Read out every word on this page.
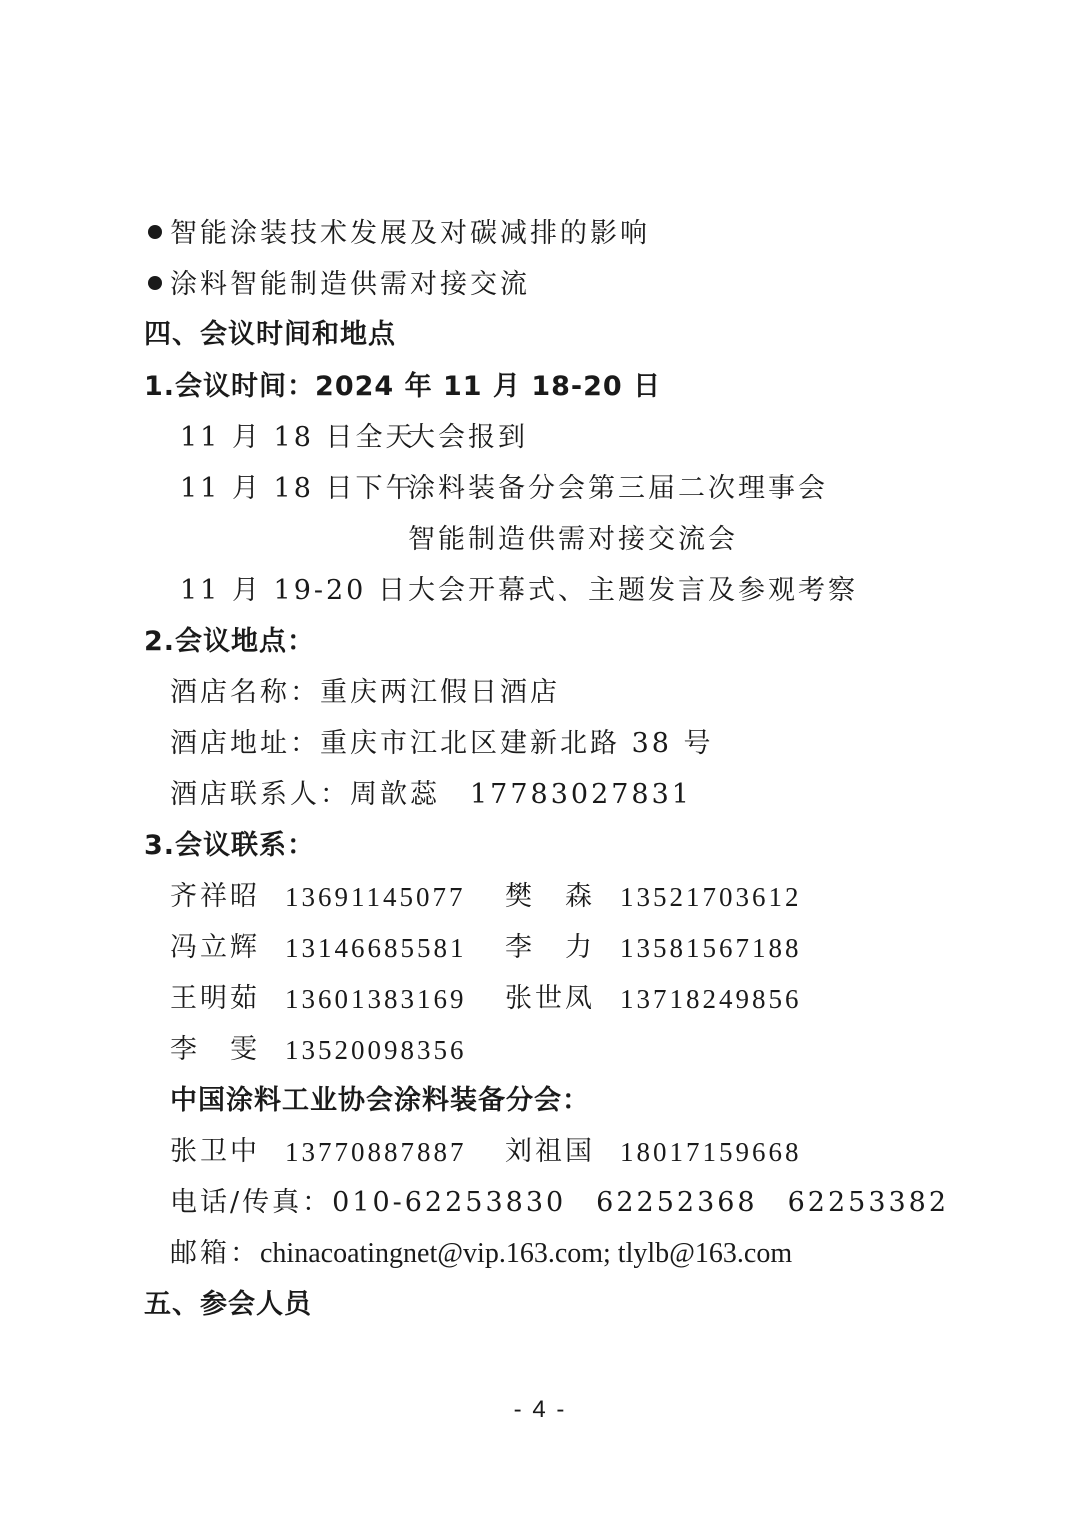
智能涂装技术发展及对碳减排的影响
涂料智能制造供需对接交流
四、会议时间和地点
1.会议时间：2024 年 11 月 18-20 日
11 月 18 日全天
大会报到
11 月 18 日下午
涂料装备分会第三届二次理事会
智能制造供需对接交流会
11 月 19-20 日 大会开幕式、主题发言及参观考察
2.会议地点：
酒店名称：重庆两江假日酒店
酒店地址：重庆市江北区建新北路 38 号
酒店联系人：周歆蕊　17783027831
3.会议联系：
齐祥昭 13691145077 樊　森 13521703612
冯立辉 13146685581 李　力 13581567188
王明茹 13601383169 张世凤 13718249856
李　雯 13520098356
中国涂料工业协会涂料装备分会：
张卫中 13770887887 刘祖国 18017159668
电话/传真：010-62253830　62252368　62253382
邮箱：chinacoatingnet@vip.163.com; tlylb@163.com
五、参会人员
- 4 -
